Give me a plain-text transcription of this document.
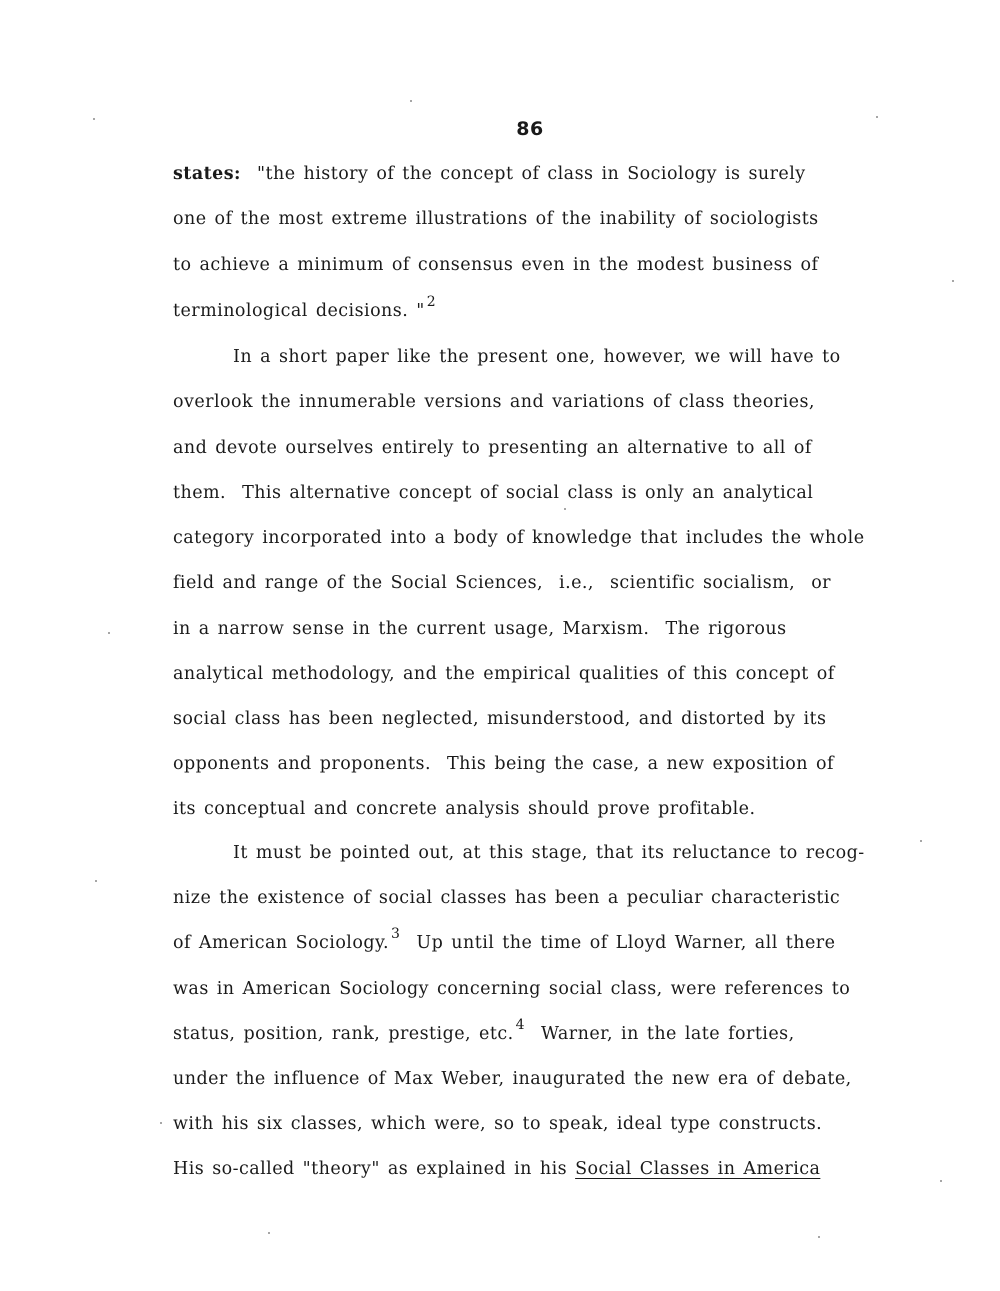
86
states:  "the history of the concept of class in Sociology is surely
one of the most extreme illustrations of the inability of sociologists
to achieve a minimum of consensus even in the modest business of
terminological decisions. " $^2$
In a short paper like the present one, however, we will have to
overlook the innumerable versions and variations of class theories,
and devote ourselves entirely to presenting an alternative to all of
them.  This alternative concept of social class is only an analytical
category incorporated into a body of knowledge that includes the whole
field and range of the Social Sciences,  i.e.,  scientific socialism,  or
in a narrow sense in the current usage, Marxism.  The rigorous
analytical methodology, and the empirical qualities of this concept of
social class has been neglected, misunderstood, and distorted by its
opponents and proponents.  This being the case, a new exposition of
its conceptual and concrete analysis should prove profitable.
It must be pointed out, at this stage, that its reluctance to recog-
nize the existence of social classes has been a peculiar characteristic
of American Sociology. $^3$  Up until the time of Lloyd Warner, all there
was in American Sociology concerning social class, were references to
status, position, rank, prestige, etc. $^4$  Warner, in the late forties,
under the influence of Max Weber, inaugurated the new era of debate,
with his six classes, which were, so to speak, ideal type constructs.
His so-called "theory" as explained in his Social Classes in America
